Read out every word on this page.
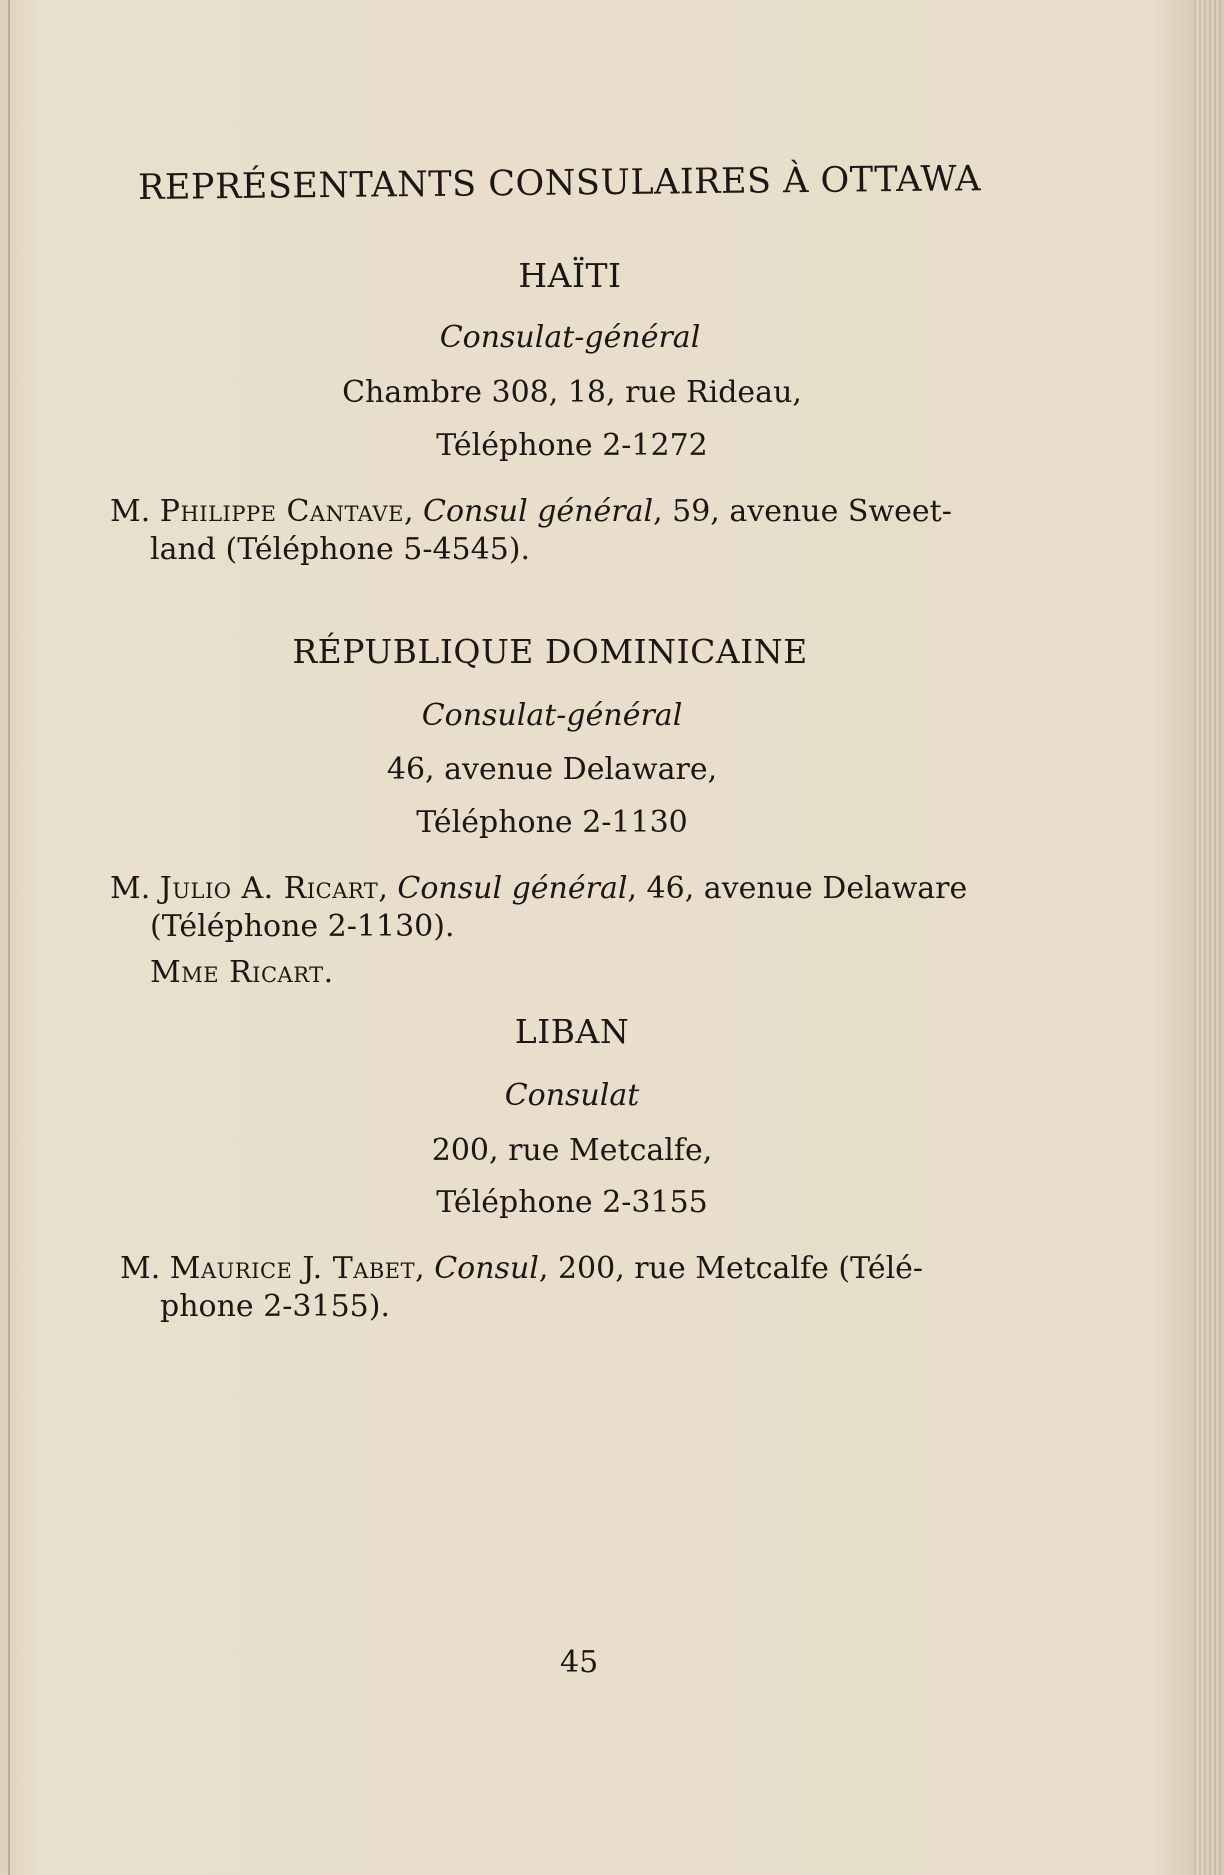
REPRÉSENTANTS CONSULAIRES À OTTAWA
HAÏTI
Consulat-général
Chambre 308, 18, rue Rideau,
Téléphone 2-1272
M. Philippe Cantave, Consul général, 59, avenue Sweet-
land (Téléphone 5-4545).
RÉPUBLIQUE DOMINICAINE
Consulat-général
46, avenue Delaware,
Téléphone 2-1130
M. Julio A. Ricart, Consul général, 46, avenue Delaware
(Téléphone 2-1130).
Mme Ricart.
LIBAN
Consulat
200, rue Metcalfe,
Téléphone 2-3155
M. Maurice J. Tabet, Consul, 200, rue Metcalfe (Télé-
phone 2-3155).
45
